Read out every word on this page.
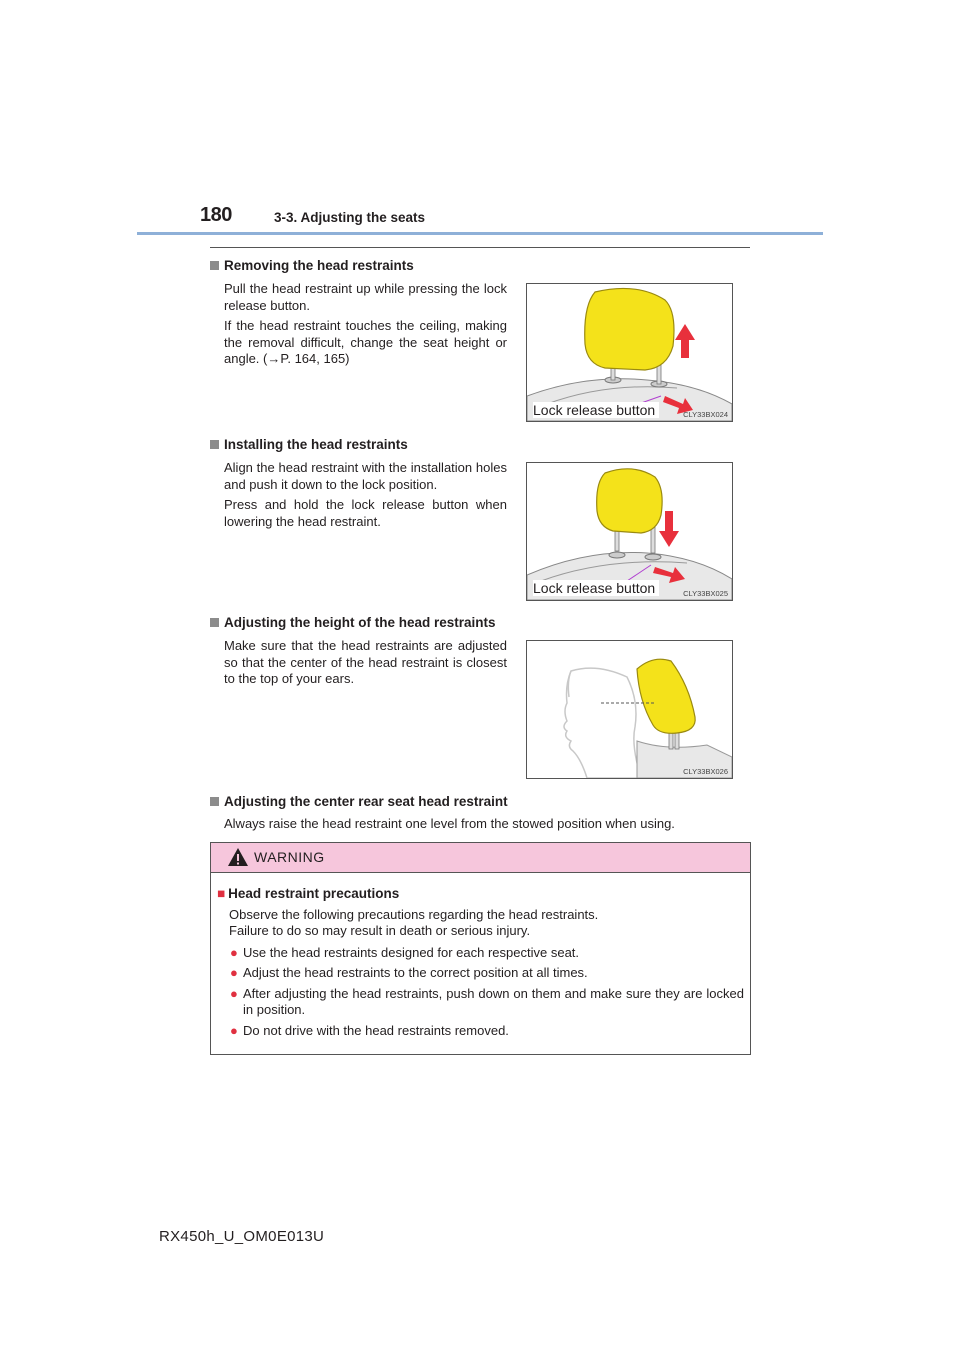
180	3-3. Adjusting the seats
Removing the head restraints

Pull the head restraint up while pressing the lock release button.

If the head restraint touches the ceiling, making the removal difficult, change the seat height or angle. (→P. 164, 165)

Lock release button	CLY33BX024
Installing the head restraints

Align the head restraint with the installation holes and push it down to the lock position.

Press and hold the lock release button when lowering the head restraint.

Lock release button	CLY33BX025
Adjusting the height of the head restraints

Make sure that the head restraints are adjusted so that the center of the head restraint is closest to the top of your ears.

CLY33BX026
Adjusting the center rear seat head restraint

Always raise the head restraint one level from the stowed position when using.

WARNING
■ Head restraint precautions
Observe the following precautions regarding the head restraints.
Failure to do so may result in death or serious injury.
● Use the head restraints designed for each respective seat.
● Adjust the head restraints to the correct position at all times.
● After adjusting the head restraints, push down on them and make sure they are locked in position.
● Do not drive with the head restraints removed.
RX450h_U_OM0E013U
